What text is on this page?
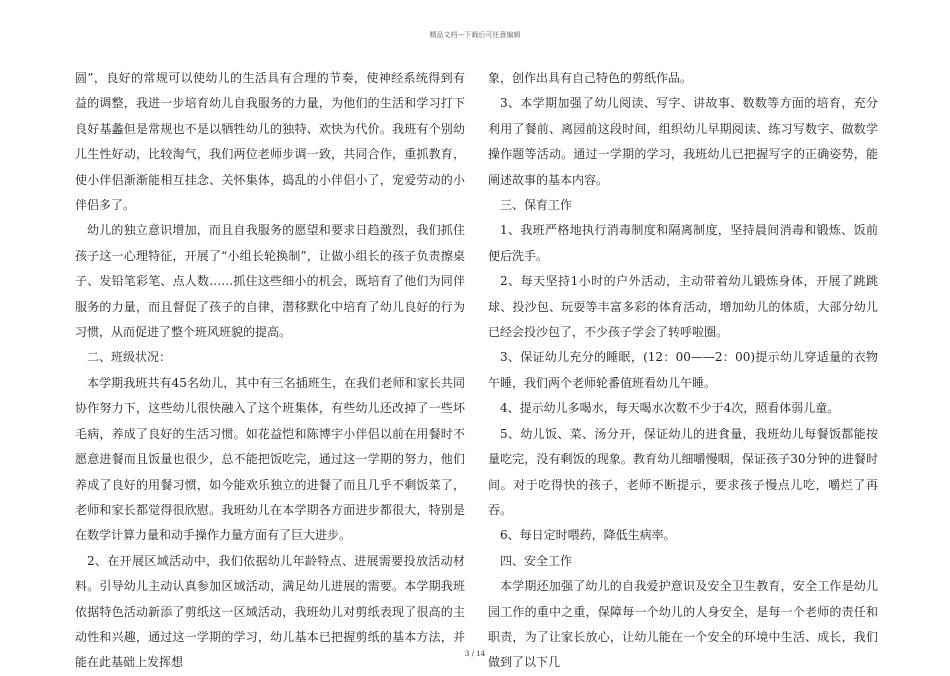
精品文档---下载后可任意编辑

圆”，良好的常规可以使幼儿的生活具有合理的节奏，使神经系统得到有益的调整，我进一步培育幼儿自我服务的力量，为他们的生活和学习打下良好基蠡但是常规也不是以牺牲幼儿的独特、欢快为代价。我班有个别幼儿生性好动，比较淘气，我们两位老师步调一致，共同合作，重抓教育，使小伴侣渐渐能相互挂念、关怀集体，捣乱的小伴侣小了，宠爱劳动的小伴侣多了。

幼儿的独立意识增加，而且自我服务的愿望和要求日趋激烈，我们抓住孩子这一心理特征，开展了“小组长轮换制”，让做小组长的孩子负责擦桌子、发铅笔彩笔、点人数……抓住这些细小的机会，既培育了他们为同伴服务的力量，而且督促了孩子的自律，潜移默化中培育了幼儿良好的行为习惯，从而促进了整个班风班貌的提高。

二、班级状况：

本学期我班共有45名幼儿，其中有三名插班生，在我们老师和家长共同协作努力下，这些幼儿很快融入了这个班集体，有些幼儿还改掉了一些坏毛病，养成了良好的生活习惯。如花益恺和陈博宇小伴侣以前在用餐时不愿意进餐而且饭量也很少，总不能把饭吃完，通过这一学期的努力，他们养成了良好的用餐习惯，如今能欢乐独立的进餐了而且几乎不剩饭菜了，老师和家长都觉得很欣慰。我班幼儿在本学期各方面进步都很大，特别是在数学计算力量和动手操作力量方面有了巨大进步。

2、在开展区域活动中，我们依据幼儿年龄特点、进展需要投放活动材料。引导幼儿主动认真参加区域活动，满足幼儿进展的需要。本学期我班依据特色活动新添了剪纸这一区域活动，我班幼儿对剪纸表现了很高的主动性和兴趣，通过这一学期的学习，幼儿基本已把握剪纸的基本方法，并能在此基础上发挥想

象，创作出具有自己特色的剪纸作品。

3、本学期加强了幼儿阅读、写字、讲故事、数数等方面的培育，充分利用了餐前、离园前这段时间，组织幼儿早期阅读、练习写数字、做数学操作题等活动。通过一学期的学习，我班幼儿已把握写字的正确姿势，能阐述故事的基本内容。

三、保育工作

1、我班严格地执行消毒制度和隔离制度，坚持晨间消毒和锻炼、饭前便后洗手。

2、每天坚持1小时的户外活动，主动带着幼儿锻炼身体，开展了跳跳球、投沙包、玩耍等丰富多彩的体育活动，增加幼儿的体质，大部分幼儿已经会投沙包了，不少孩子学会了转呼啦圈。

3、保证幼儿充分的睡眠，(12：00——2：00)提示幼儿穿适量的衣物午睡，我们两个老师轮番值班看幼儿午睡。

4、提示幼儿多喝水，每天喝水次数不少于4次，照看体弱儿童。

5、幼儿饭、菜、汤分开，保证幼儿的进食量，我班幼儿每餐饭都能按量吃完，没有剩饭的现象。教育幼儿细嚼慢咽，保证孩子30分钟的进餐时间。对于吃得快的孩子，老师不断提示，要求孩子慢点儿吃，嚼烂了再吞。

6、每日定时喂药，降低生病率。

四、安全工作

本学期还加强了幼儿的自我爱护意识及安全卫生教育，安全工作是幼儿园工作的重中之重，保障每一个幼儿的人身安全，是每一个老师的责任和职责，为了让家长放心，让幼儿能在一个安全的环境中生活、成长，我们做到了以下几

3 / 14
